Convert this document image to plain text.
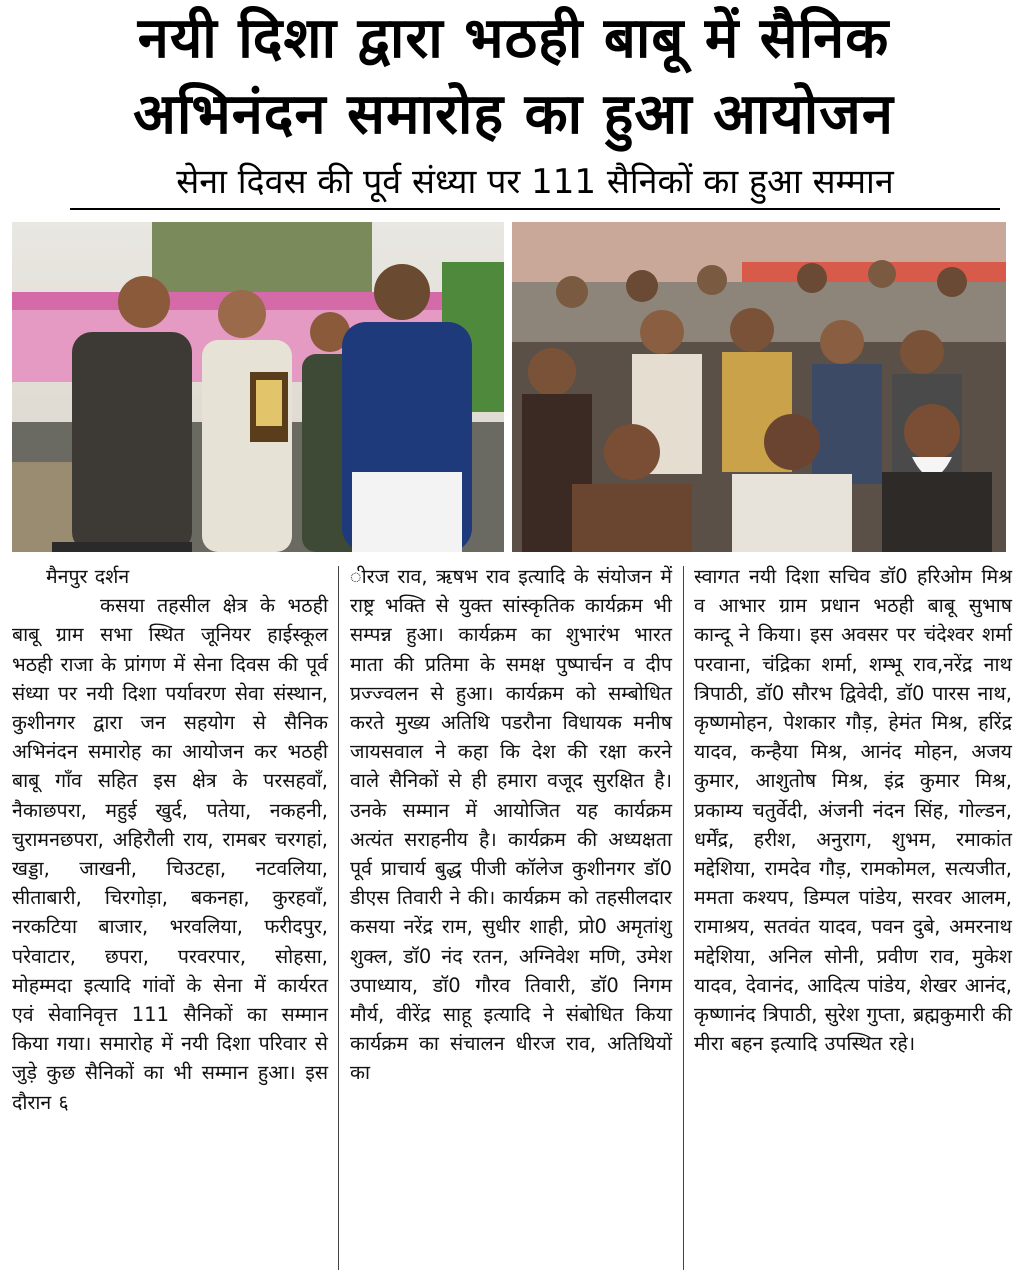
नयी दिशा द्वारा भठही बाबू में सैनिक
अभिनंदन समारोह का हुआ आयोजन
सेना दिवस की पूर्व संध्या पर 111 सैनिकों का हुआ सम्मान
मैनपुर दर्शन

कसया तहसील क्षेत्र के भठही बाबू ग्राम सभा स्थित जूनियर हाईस्कूल भठही राजा के प्रांगण में सेना दिवस की पूर्व संध्या पर नयी दिशा पर्यावरण सेवा संस्थान, कुशीनगर द्वारा जन सहयोग से सैनिक अभिनंदन समारोह का आयोजन कर भठही बाबू गाँव सहित इस क्षेत्र के परसहवाँ, नैकाछपरा, महुई खुर्द, पतेया, नकहनी, चुरामनछपरा, अहिरौली राय, रामबर चरगहां, खड्डा, जाखनी, चिउटहा, नटवलिया, सीताबारी, चिरगोड़ा, बकनहा, कुरहवाँ, नरकटिया बाजार, भरवलिया, फरीदपुर, परेवाटार, छपरा, परवरपार, सोहसा, मोहम्मदा इत्यादि गांवों के सेना में कार्यरत एवं सेवानिवृत्त 111 सैनिकों का सम्मान किया गया। समारोह में नयी दिशा परिवार से जुड़े कुछ सैनिकों का भी सम्मान हुआ। इस दौरान ६

ीरज राव, ऋषभ राव इत्यादि के संयोजन में राष्ट्र भक्ति से युक्त सांस्कृतिक कार्यक्रम भी सम्पन्न हुआ। कार्यक्रम का शुभारंभ भारत माता की प्रतिमा के समक्ष पुष्पार्चन व दीप प्रज्ज्वलन से हुआ। कार्यक्रम को सम्बोधित करते मुख्य अतिथि पडरौना विधायक मनीष जायसवाल ने कहा कि देश की रक्षा करने वाले सैनिकों से ही हमारा वजूद सुरक्षित है। उनके सम्मान में आयोजित यह कार्यक्रम अत्यंत सराहनीय है। कार्यक्रम की अध्यक्षता पूर्व प्राचार्य बुद्ध पीजी कॉलेज कुशीनगर डॉ0 डीएस तिवारी ने की। कार्यक्रम को तहसीलदार कसया नरेंद्र राम, सुधीर शाही, प्रो0 अमृतांशु शुक्ल, डॉ0 नंद रतन, अग्निवेश मणि, उमेश उपाध्याय, डॉ0 गौरव तिवारी, डॉ0 निगम मौर्य, वीरेंद्र साहू इत्यादि ने संबोधित किया कार्यक्रम का संचालन धीरज राव, अतिथियों का

स्वागत नयी दिशा सचिव डॉ0 हरिओम मिश्र व आभार ग्राम प्रधान भठही बाबू सुभाष कान्दू ने किया। इस अवसर पर चंदेश्वर शर्मा परवाना, चंद्रिका शर्मा, शम्भू राव,नरेंद्र नाथ त्रिपाठी, डॉ0 सौरभ द्विवेदी, डॉ0 पारस नाथ, कृष्णमोहन, पेशकार गौड़, हेमंत मिश्र, हरिंद्र यादव, कन्हैया मिश्र, आनंद मोहन, अजय कुमार, आशुतोष मिश्र, इंद्र कुमार मिश्र, प्रकाम्य चतुर्वेदी, अंजनी नंदन सिंह, गोल्डन, धर्मेंद्र, हरीश, अनुराग, शुभम, रमाकांत मद्देशिया, रामदेव गौड़, रामकोमल, सत्यजीत, ममता कश्यप, डिम्पल पांडेय, सरवर आलम, रामाश्रय, सतवंत यादव, पवन दुबे, अमरनाथ मद्देशिया, अनिल सोनी, प्रवीण राव, मुकेश यादव, देवानंद, आदित्य पांडेय, शेखर आनंद, कृष्णानंद त्रिपाठी, सुरेश गुप्ता, ब्रह्मकुमारी की मीरा बहन इत्यादि उपस्थित रहे।
